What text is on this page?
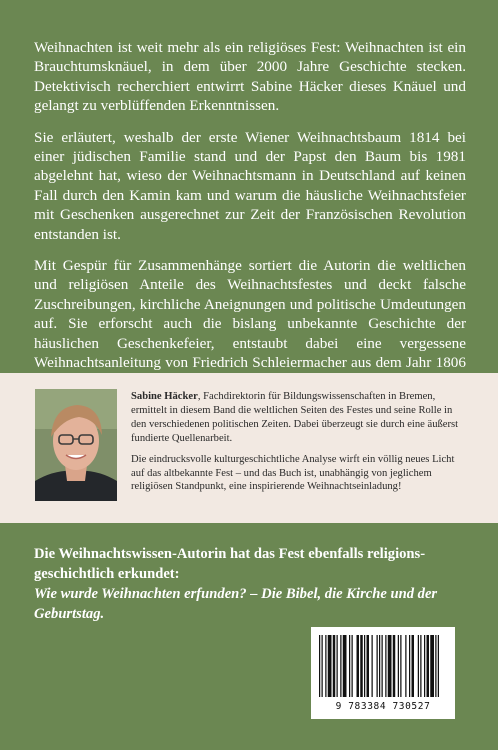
Weihnachten ist weit mehr als ein religiöses Fest: Weihnachten ist ein Brauchtumsknäuel, in dem über 2000 Jahre Geschichte stecken. Detektivisch recherchiert entwirrt Sabine Häcker dieses Knäuel und gelangt zu verblüffenden Erkenntnissen.

Sie erläutert, weshalb der erste Wiener Weihnachtsbaum 1814 bei einer jüdischen Familie stand und der Papst den Baum bis 1981 abgelehnt hat, wieso der Weihnachtsmann in Deutschland auf keinen Fall durch den Kamin kam und warum die häusliche Weihnachtsfeier mit Geschenken ausgerechnet zur Zeit der Französischen Revolution entstanden ist.

Mit Gespür für Zusammenhänge sortiert die Autorin die weltlichen und religiösen Anteile des Weihnachtsfestes und deckt falsche Zuschreibungen, kirchliche Aneignungen und politische Umdeutungen auf. Sie erforscht auch die bislang unbekannte Geschichte der häuslichen Geschenkefeier, entstaubt dabei eine vergessene Weihnachtsanleitung von Friedrich Schleiermacher aus dem Jahr 1806

Sabine Häcker, Fachdirektorin für Bildungswissenschaften in Bremen, ermittelt in diesem Band die weltlichen Seiten des Festes und seine Rolle in den verschiedenen politischen Zeiten. Dabei überzeugt sie durch eine äußerst fundierte Quellenarbeit.

Die eindrucksvolle kulturgeschichtliche Analyse wirft ein völlig neues Licht auf das altbekannte Fest – und das Buch ist, unabhängig von jeglichem religiösen Standpunkt, eine inspirierende Weihnachtseinladung!

Die Weihnachtswissen-Autorin hat das Fest ebenfalls religionsgeschichtlich erkundet:

Wie wurde Weihnachten erfunden? – Die Bibel, die Kirche und der Geburtstag.

9 783384 730527
